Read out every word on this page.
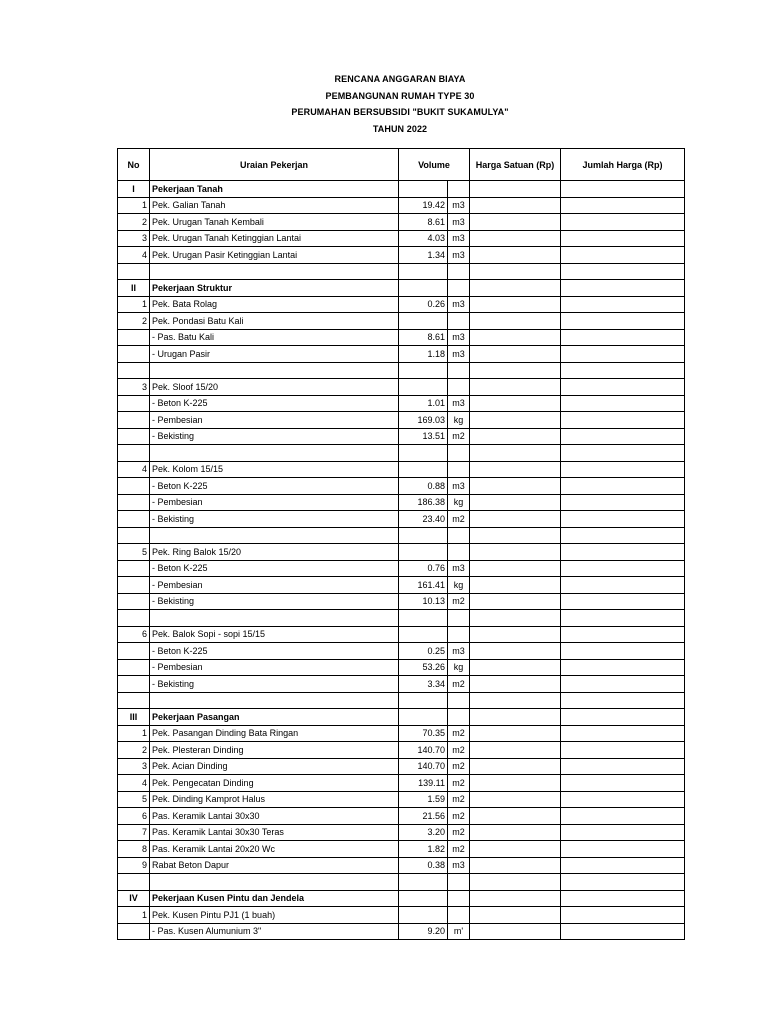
RENCANA ANGGARAN BIAYA
PEMBANGUNAN RUMAH TYPE 30
PERUMAHAN BERSUBSIDI "BUKIT SUKAMULYA"
TAHUN 2022
No	Uraian Pekerjan	Volume		Harga Satuan (Rp)	Jumlah Harga (Rp)
I	Pekerjaan Tanah				
1	Pek. Galian Tanah	19.42	m3		
2	Pek. Urugan Tanah Kembali	8.61	m3		
3	Pek. Urugan Tanah Ketinggian Lantai	4.03	m3		
4	Pek. Urugan Pasir Ketinggian Lantai	1.34	m3		

II	Pekerjaan Struktur				
1	Pek. Bata Rolag	0.26	m3		
2	Pek. Pondasi Batu Kali				
	- Pas. Batu Kali	8.61	m3		
	- Urugan Pasir	1.18	m3		

3	Pek. Sloof 15/20				
	- Beton K-225	1.01	m3		
	- Pembesian	169.03	kg		
	- Bekisting	13.51	m2		

4	Pek. Kolom 15/15				
	- Beton K-225	0.88	m3		
	- Pembesian	186.38	kg		
	- Bekisting	23.40	m2		

5	Pek. Ring Balok 15/20				
	- Beton K-225	0.76	m3		
	- Pembesian	161.41	kg		
	- Bekisting	10.13	m2		

6	Pek. Balok Sopi - sopi 15/15				
	- Beton K-225	0.25	m3		
	- Pembesian	53.26	kg		
	- Bekisting	3.34	m2		

III	Pekerjaan Pasangan				
1	Pek. Pasangan Dinding Bata Ringan	70.35	m2		
2	Pek. Plesteran Dinding	140.70	m2		
3	Pek. Acian Dinding	140.70	m2		
4	Pek. Pengecatan Dinding	139.11	m2		
5	Pek. Dinding Kamprot Halus	1.59	m2		
6	Pas. Keramik Lantai 30x30	21.56	m2		
7	Pas. Keramik Lantai 30x30 Teras	3.20	m2		
8	Pas. Keramik Lantai 20x20 Wc	1.82	m2		
9	Rabat Beton Dapur	0.38	m3		

IV	Pekerjaan Kusen Pintu dan Jendela				
1	Pek. Kusen Pintu PJ1 (1 buah)				
	- Pas. Kusen Alumunium 3"	9.20	m'		
